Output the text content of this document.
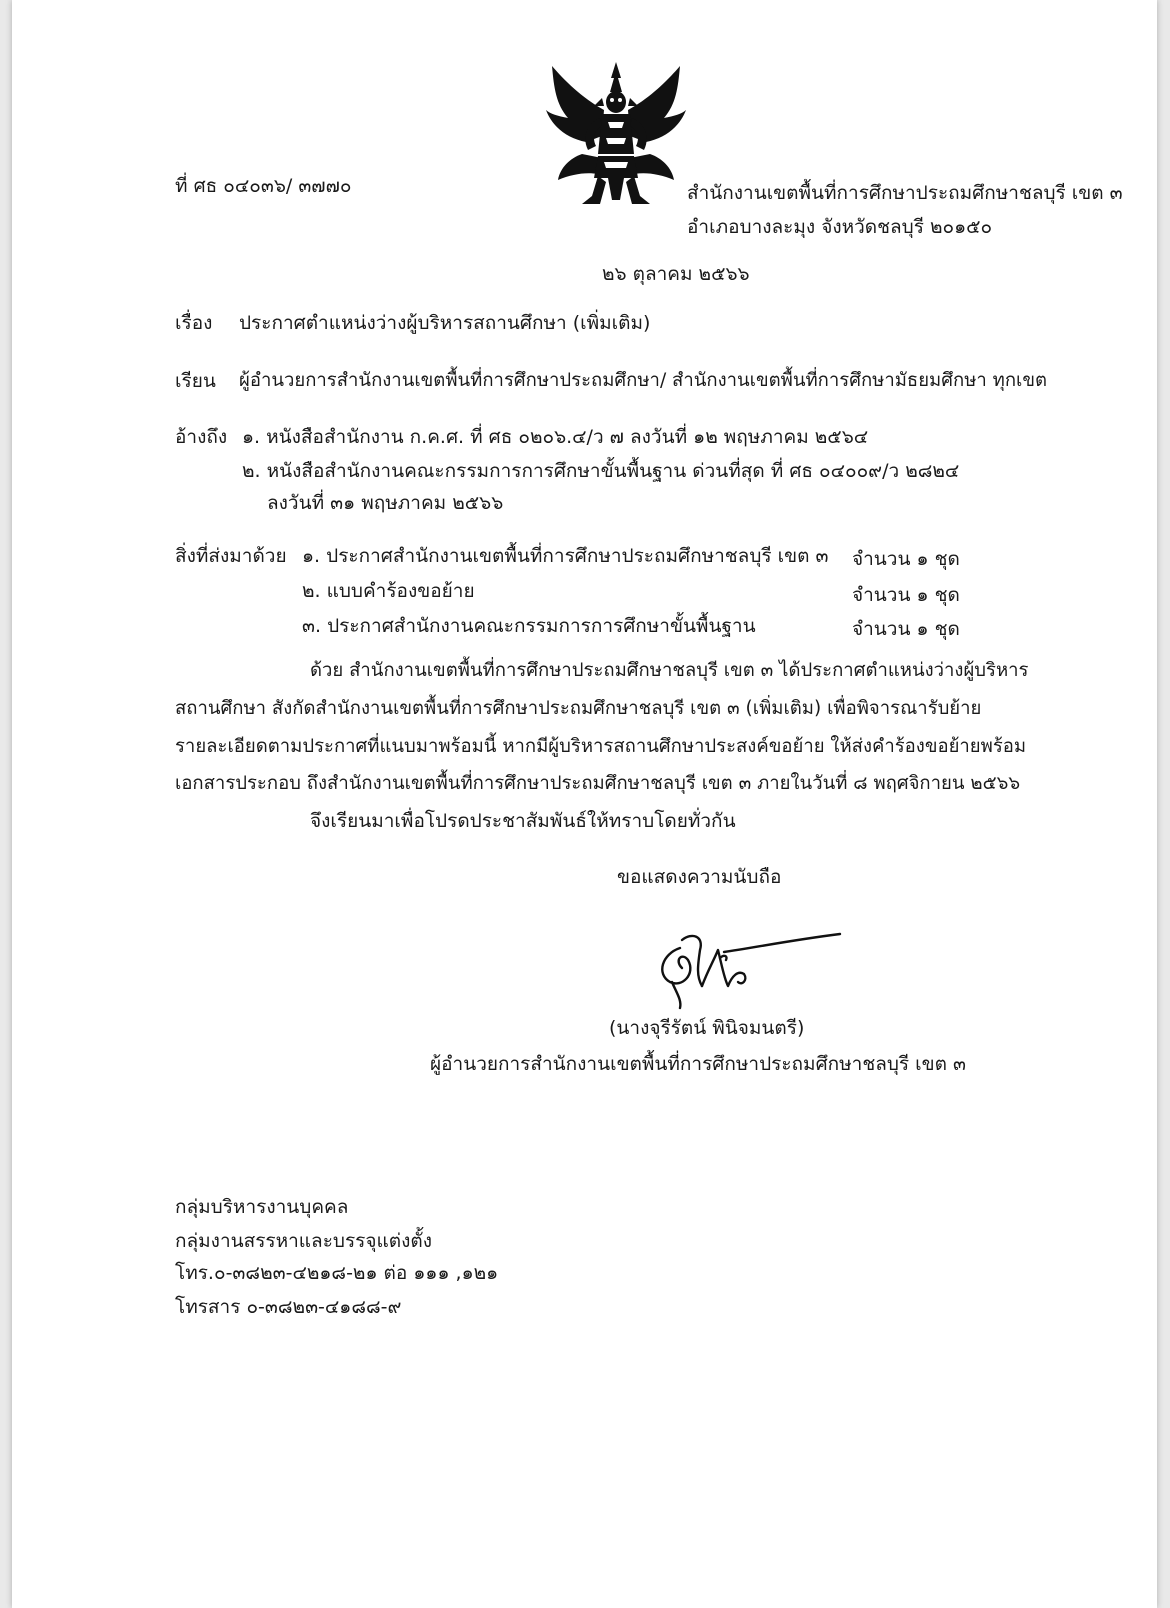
ที่ ศธ ๐๔๐๓๖/ ๓๗๗๐	สำนักงานเขตพื้นที่การศึกษาประถมศึกษาชลบุรี เขต ๓
อำเภอบางละมุง จังหวัดชลบุรี ๒๐๑๕๐
๒๖ ตุลาคม ๒๕๖๖
เรื่อง ประกาศตำแหน่งว่างผู้บริหารสถานศึกษา (เพิ่มเติม)
เรียน ผู้อำนวยการสำนักงานเขตพื้นที่การศึกษาประถมศึกษา/ สำนักงานเขตพื้นที่การศึกษามัธยมศึกษา ทุกเขต
อ้างถึง ๑. หนังสือสำนักงาน ก.ค.ศ. ที่ ศธ ๐๒๐๖.๔/ว ๗ ลงวันที่ ๑๒ พฤษภาคม ๒๕๖๔
๒. หนังสือสำนักงานคณะกรรมการการศึกษาขั้นพื้นฐาน ด่วนที่สุด ที่ ศธ ๐๔๐๐๙/ว ๒๘๒๔
ลงวันที่ ๓๑ พฤษภาคม ๒๕๖๖
สิ่งที่ส่งมาด้วย ๑. ประกาศสำนักงานเขตพื้นที่การศึกษาประถมศึกษาชลบุรี เขต ๓ จำนวน ๑ ชุด
๒. แบบคำร้องขอย้าย	จำนวน ๑ ชุด
๓. ประกาศสำนักงานคณะกรรมการการศึกษาขั้นพื้นฐาน	จำนวน ๑ ชุด
ด้วย สำนักงานเขตพื้นที่การศึกษาประถมศึกษาชลบุรี เขต ๓ ได้ประกาศตำแหน่งว่างผู้บริหาร
สถานศึกษา สังกัดสำนักงานเขตพื้นที่การศึกษาประถมศึกษาชลบุรี เขต ๓ (เพิ่มเติม) เพื่อพิจารณารับย้าย
รายละเอียดตามประกาศที่แนบมาพร้อมนี้ หากมีผู้บริหารสถานศึกษาประสงค์ขอย้าย ให้ส่งคำร้องขอย้ายพร้อม
เอกสารประกอบ ถึงสำนักงานเขตพื้นที่การศึกษาประถมศึกษาชลบุรี เขต ๓ ภายในวันที่ ๘ พฤศจิกายน ๒๕๖๖
จึงเรียนมาเพื่อโปรดประชาสัมพันธ์ให้ทราบโดยทั่วกัน
ขอแสดงความนับถือ
(นางจุรีรัตน์ พินิจมนตรี)
ผู้อำนวยการสำนักงานเขตพื้นที่การศึกษาประถมศึกษาชลบุรี เขต ๓
กลุ่มบริหารงานบุคคล
กลุ่มงานสรรหาและบรรจุแต่งตั้ง
โทร.๐-๓๘๒๓-๔๒๑๘-๒๑ ต่อ ๑๑๑ ,๑๒๑
โทรสาร ๐-๓๘๒๓-๔๑๘๘-๙
